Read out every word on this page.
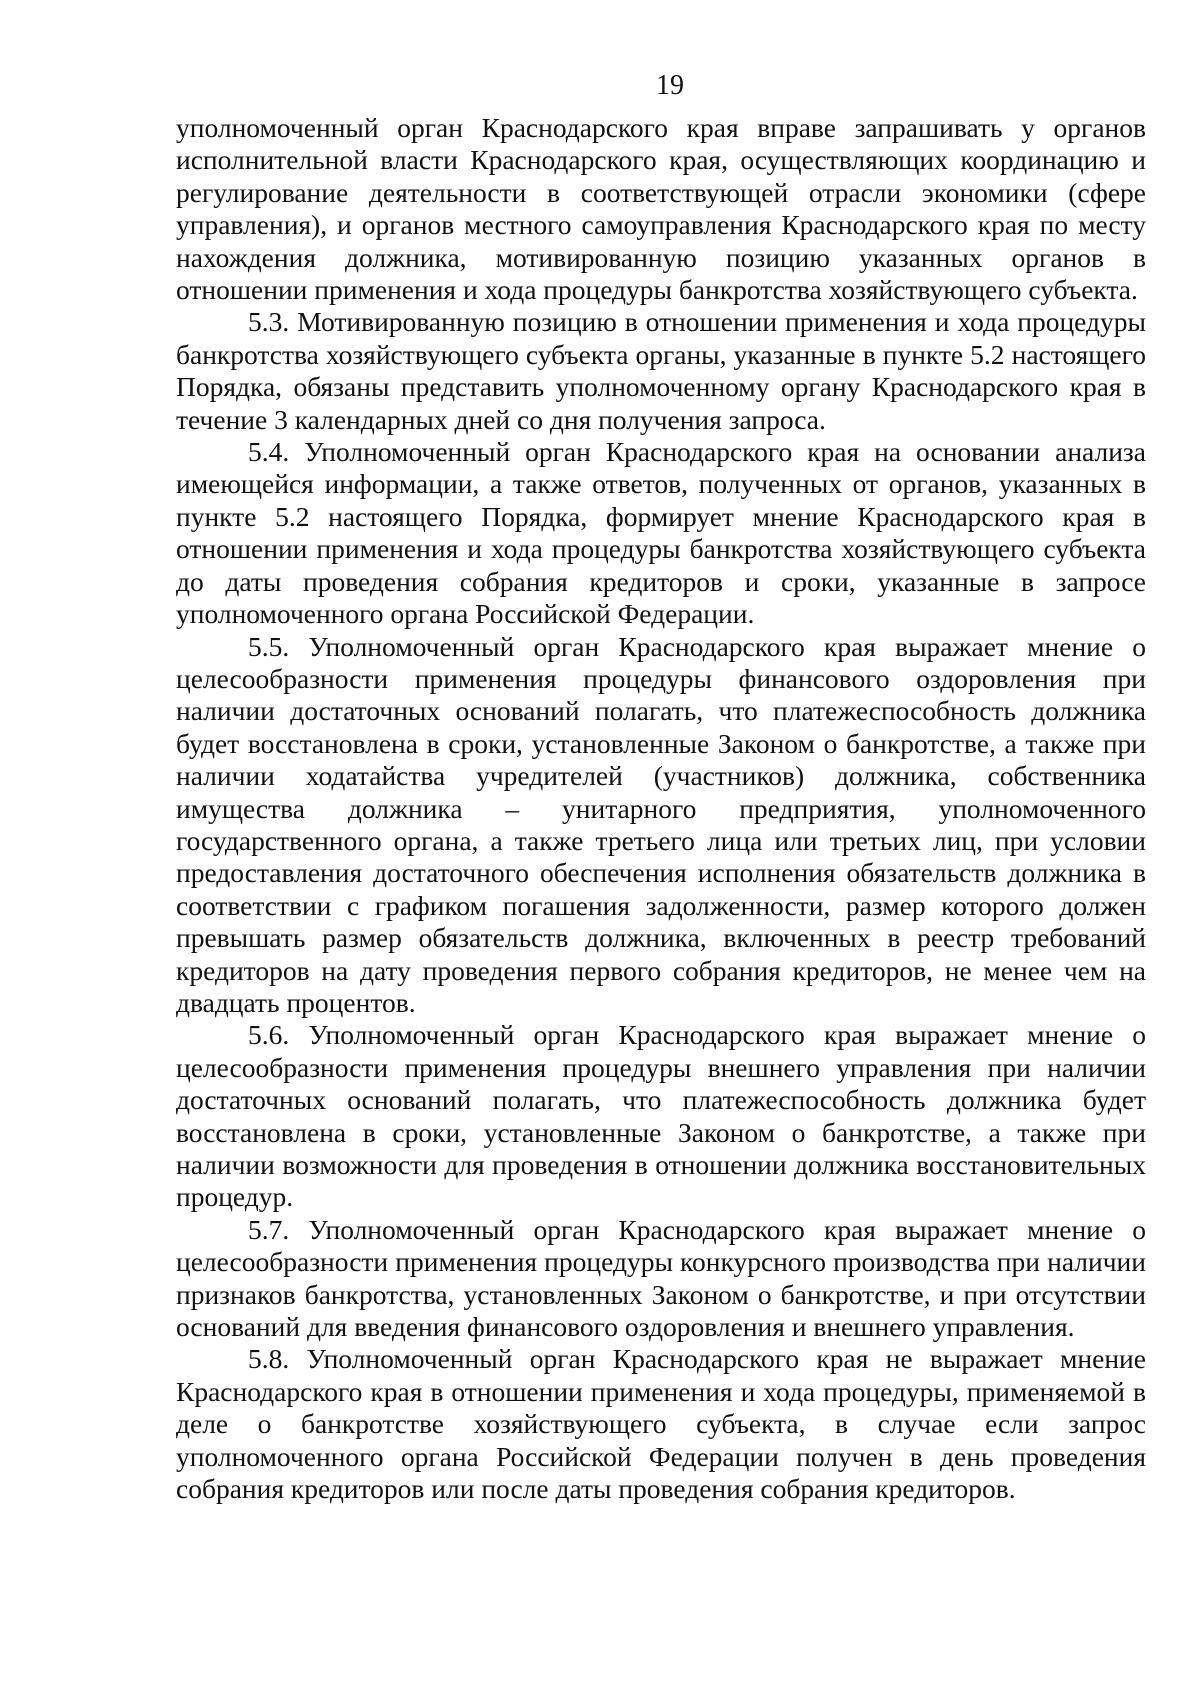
19

уполномоченный орган Краснодарского края вправе запрашивать у органов исполнительной власти Краснодарского края, осуществляющих координацию и регулирование деятельности в соответствующей отрасли экономики (сфере управления), и органов местного самоуправления Краснодарского края по месту нахождения должника, мотивированную позицию указанных органов в отношении применения и хода процедуры банкротства хозяйствующего субъекта.

5.3. Мотивированную позицию в отношении применения и хода процедуры банкротства хозяйствующего субъекта органы, указанные в пункте 5.2 настоящего Порядка, обязаны представить уполномоченному органу Краснодарского края в течение 3 календарных дней со дня получения запроса.

5.4. Уполномоченный орган Краснодарского края на основании анализа имеющейся информации, а также ответов, полученных от органов, указанных в пункте 5.2 настоящего Порядка, формирует мнение Краснодарского края в отношении применения и хода процедуры банкротства хозяйствующего субъекта до даты проведения собрания кредиторов и сроки, указанные в запросе уполномоченного органа Российской Федерации.

5.5. Уполномоченный орган Краснодарского края выражает мнение о целесообразности применения процедуры финансового оздоровления при наличии достаточных оснований полагать, что платежеспособность должника будет восстановлена в сроки, установленные Законом о банкротстве, а также при наличии ходатайства учредителей (участников) должника, собственника имущества должника – унитарного предприятия, уполномоченного государственного органа, а также третьего лица или третьих лиц, при условии предоставления достаточного обеспечения исполнения обязательств должника в соответствии с графиком погашения задолженности, размер которого должен превышать размер обязательств должника, включенных в реестр требований кредиторов на дату проведения первого собрания кредиторов, не менее чем на двадцать процентов.

5.6. Уполномоченный орган Краснодарского края выражает мнение о целесообразности применения процедуры внешнего управления при наличии достаточных оснований полагать, что платежеспособность должника будет восстановлена в сроки, установленные Законом о банкротстве, а также при наличии возможности для проведения в отношении должника восстановительных процедур.

5.7. Уполномоченный орган Краснодарского края выражает мнение о целесообразности применения процедуры конкурсного производства при наличии признаков банкротства, установленных Законом о банкротстве, и при отсутствии оснований для введения финансового оздоровления и внешнего управления.

5.8. Уполномоченный орган Краснодарского края не выражает мнение Краснодарского края в отношении применения и хода процедуры, применяемой в деле о банкротстве хозяйствующего субъекта, в случае если запрос уполномоченного органа Российской Федерации получен в день проведения собрания кредиторов или после даты проведения собрания кредиторов.
